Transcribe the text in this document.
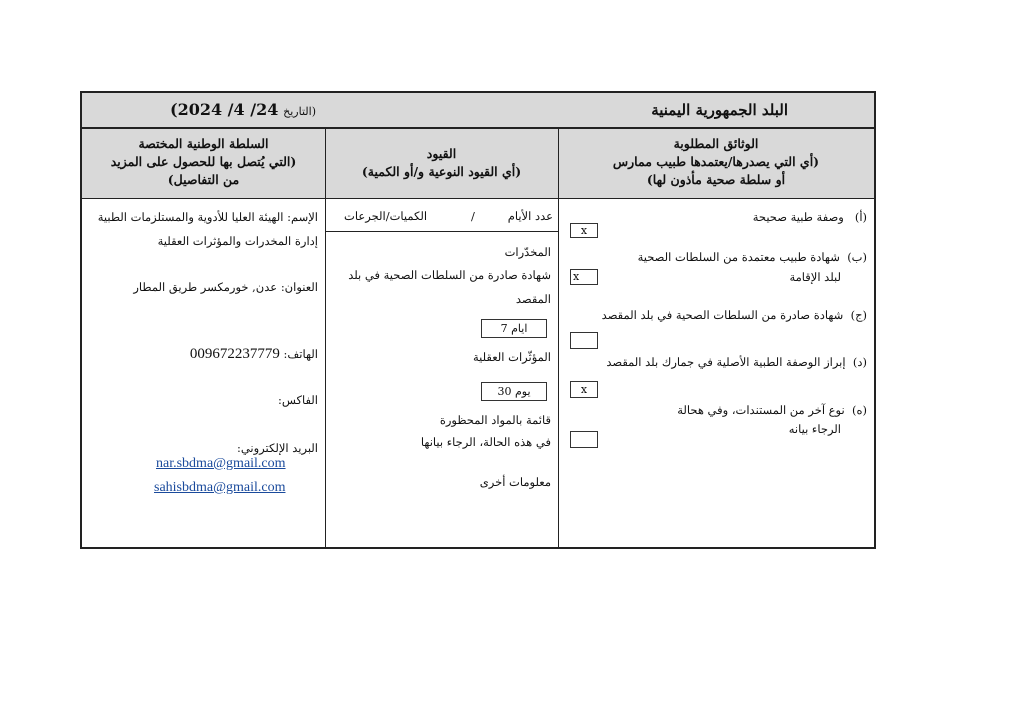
البلد الجمهورية اليمنية
(التاريخ 24/ 4/ 2024)
الوثائق المطلوبة
(أي التي يصدرها/يعتمدها طبيب ممارس
أو سلطة صحية مأذون لها)
القيود
(أي القيود النوعية و/أو الكمية)
السلطة الوطنية المختصة
(التي يُتصل بها للحصول على المزيد
من التفاصيل)
(أ)   وصفة طبية صحيحة
x
(ب)  شهادة طبيب معتمدة من السلطات الصحية
لبلد الإقامة
x
(ج)  شهادة صادرة من السلطات الصحية في بلد المقصد
(د)  إبراز الوصفة الطبية الأصلية في جمارك بلد المقصد
x
(ه)  نوع آخر من المستندات، وفي هحالة
الرجاء بيانه
عدد الأيام         /            الكميات/الجرعات
المخدّرات
شهادة صادرة من السلطات الصحية في بلد
المقصد
7 ايام
المؤثّرات العقلية
30 يوم
قائمة بالمواد المحظورة
في هذه الحالة، الرجاء بيانها
معلومات أخرى
الإسم: الهيئة العليا للأدوية والمستلزمات الطبية
إدارة المخدرات والمؤثرات العقلية
العنوان: عدن, خورمكسر طريق المطار
الهاتف: 009672237779
الفاكس:
البريد الإلكتروني:
nar.sbdma@gmail.com
sahisbdma@gmail.com
